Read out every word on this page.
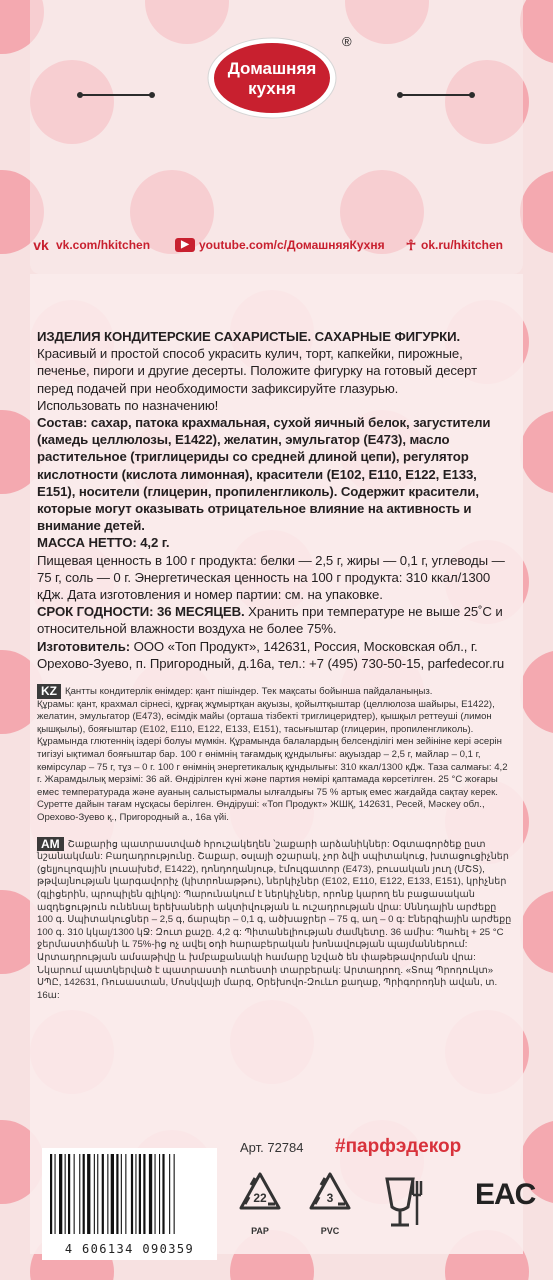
Домашняя
кухня
®
vk vk.com/hkitchen	▶ youtube.com/c/ДомашняяКухня ☥ ok.ru/hkitchen

ИЗДЕЛИЯ КОНДИТЕРСКИЕ САХАРИСТЫЕ. САХАРНЫЕ ФИГУРКИ.

Красивый и простой способ украсить кулич, торт, капкейки, пирожные, печенье, пироги и другие десерты. Положите фигурку на готовый десерт перед подачей при необходимости зафиксируйте глазурью.

Использовать по назначению!

Состав: сахар, патока крахмальная, сухой яичный белок, загустители (камедь целлюлозы, Е1422), желатин, эмульгатор (Е473), масло растительное (триглицериды со средней длиной цепи), регулятор кислотности (кислота лимонная), красители (Е102, Е110, Е122, Е133, Е151), носители (глицерин, пропиленгликоль). Содержит красители, которые могут оказывать отрицательное влияние на активность и внимание детей.

МАССА НЕТТО: 4,2 г.

Пищевая ценность в 100 г продукта: белки — 2,5 г, жиры — 0,1 г, углеводы — 75 г, соль — 0 г. Энергетическая ценность на 100 г продукта: 310 ккал/1300 кДж. Дата изготовления и номер партии: см. на упаковке.

СРОК ГОДНОСТИ: 36 МЕСЯЦЕВ. Хранить при температуре не выше 25˚С и относительной влажности воздуха не более 75%.

Изготовитель: ООО «Топ Продукт», 142631, Россия, Московская обл., г. Орехово-Зуево, п. Пригородный, д.16а, тел.: +7 (495) 730-50-15, parfedecor.ru

KZ Қантты кондитерлік өнімдер: қант пішіндер. Тек мақсаты бойынша пайдаланыңыз.

Құрамы: қант, крахмал сірнесі, құрғақ жұмыртқан ақуызы, қойылтқыштар (целлюлоза шайыры, Е1422), желатин, эмульгатор (Е473), өсімдік майы (орташа тізбекті триглицеридтер), қышқыл реттеуші (лимон қышқылы), бояғыштар (Е102, Е110, Е122, Е133, Е151), тасығыштар (глицерин, пропиленгликоль). Құрамында глютеннің іздері болуы мүмкін. Құрамында балалардың белсенділігі мен зейініне кері әсерін тигізуі ықтимал бояғыштар бар. 100 г өнімнің тағамдық құндылығы: ақуыздар – 2,5 г, майлар – 0,1 г, көмірсулар – 75 г, тұз – 0 г. 100 г өнімнің энергетикалық құндылығы: 310 ккал/1300 кДж. Таза салмағы: 4,2 г. Жарамдылық мерзімі: 36 ай. Өндірілген күні және партия нөмірі қаптамада көрсетілген. 25 °С жоғары емес температурада және ауаның салыстырмалы ылғалдығы 75 % артық емес жағдайда сақтау керек. Суретте дайын тағам нұсқасы берілген. Өндіруші: «Топ Продукт» ЖШҚ, 142631, Ресей, Мәскеу обл., Орехово-Зуево қ., Пригородный а., 16а үйі.

AM Շաքարից պատրաստված հրուշակեղեն ՝շաքարի արձանիկներ: Օգտագործեք ըստ նշանակման: Բաղադրությունը. Շաքար, օսլայի օշարակ, չոր ձվի սպիտակուց, խտացուցիչներ (ցելյուլոզային լուսախեժ, E1422), դոնդողանյութ, էմուլգատոր (E473), բուսական յուղ (ՄՇՏ), թթվայնության կարգավորիչ (կիտրոնաթթու), ներկիչներ (E102, E110, E122, E133, E151), կրիչներ (գլիցերին, պրոպիլեն գլիկոլ): Պարունակում է ներկիչներ, որոնք կարող են բացասական ազդեցություն ունենալ երեխաների ակտիվության և ուշադրության վրա: Սննդային արժեքը 100 գ. Սպիտակուցներ – 2,5 գ, ճարպեր – 0,1 գ, ածխաջրեր – 75 գ, աղ – 0 գ: Էներգիային արժեքը 100 գ. 310 կկալ/1300 կՋ: Զուտ քաշը. 4,2 գ: Պիտանելիության ժամկետը. 36 ամիս: Պահել + 25 °C ջերմաստիճանի և 75%-ից ոչ ավել օդի հարաբերական խոնավության պայմաններում: Արտադրության ամսաթիվը և խմբաքանակի համարը նշված են փաթեթավորման վրա: Նկարում պատկերված է պատրաստի ուտեստի տարբերակ: Արտադրող. «Տոպ Պրոդուկտ» ՍՊԸ, 142631, Ռուսաստան, Մոսկվայի մարզ, Օրեխովո-Զուևո քաղաք, Պրիգորոդնի ավան, տ. 16ա:

Арт. 72784 #парфэдекор
4 606134 090359
22
PAP
3
PVC
EAC
